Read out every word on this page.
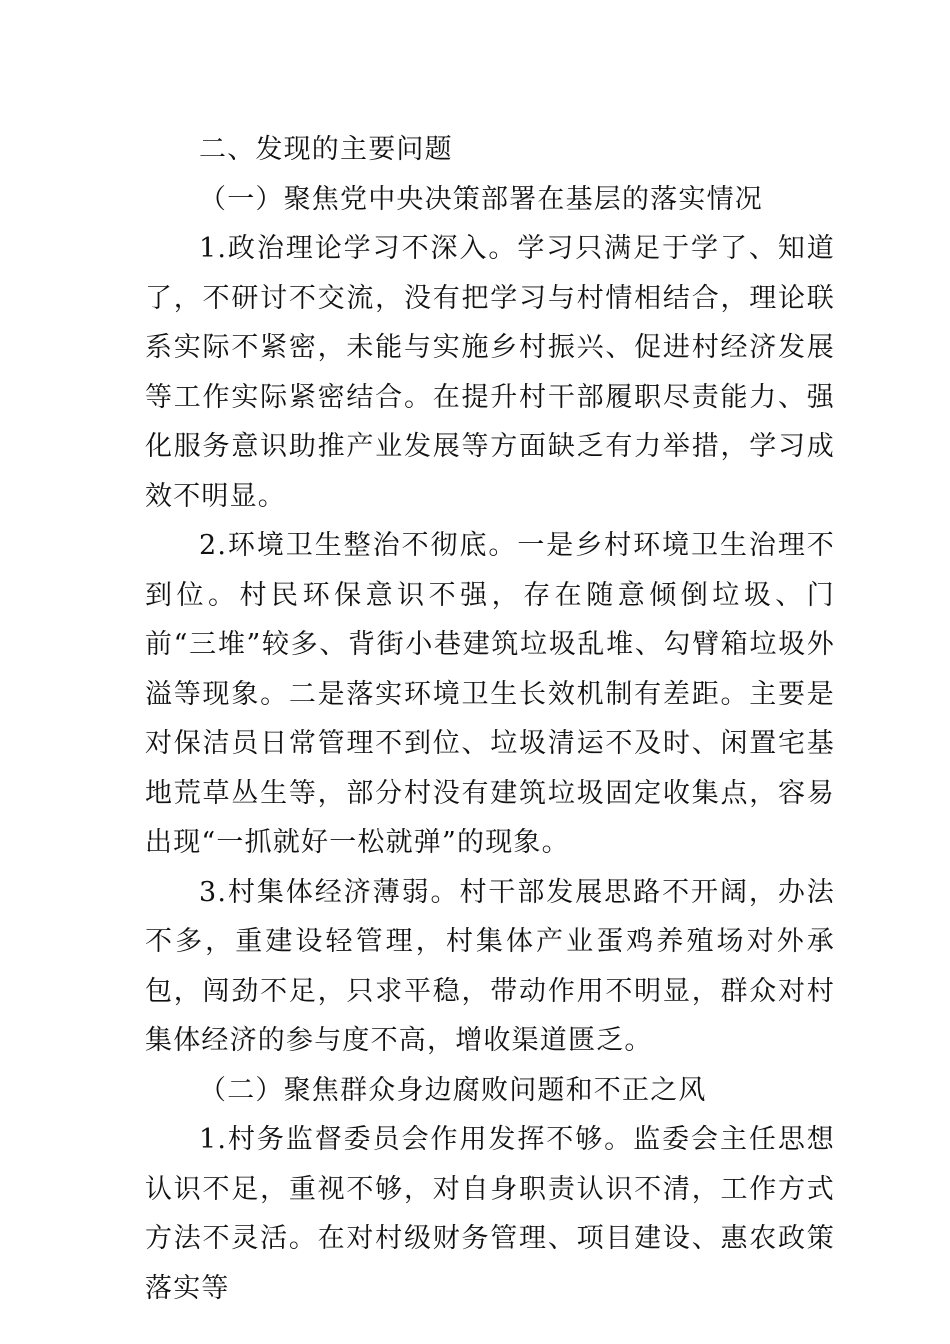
二、发现的主要问题

（一）聚焦党中央决策部署在基层的落实情况

1.政治理论学习不深入。学习只满足于学了、知道了，不研讨不交流，没有把学习与村情相结合，理论联系实际不紧密，未能与实施乡村振兴、促进村经济发展等工作实际紧密结合。在提升村干部履职尽责能力、强化服务意识助推产业发展等方面缺乏有力举措，学习成效不明显。

2.环境卫生整治不彻底。一是乡村环境卫生治理不到位。村民环保意识不强，存在随意倾倒垃圾、门前“三堆”较多、背街小巷建筑垃圾乱堆、勾臂箱垃圾外溢等现象。二是落实环境卫生长效机制有差距。主要是对保洁员日常管理不到位、垃圾清运不及时、闲置宅基地荒草丛生等，部分村没有建筑垃圾固定收集点，容易出现“一抓就好一松就弹”的现象。

3.村集体经济薄弱。村干部发展思路不开阔，办法不多，重建设轻管理，村集体产业蛋鸡养殖场对外承包，闯劲不足，只求平稳，带动作用不明显，群众对村集体经济的参与度不高，增收渠道匮乏。

（二）聚焦群众身边腐败问题和不正之风

1.村务监督委员会作用发挥不够。监委会主任思想认识不足，重视不够，对自身职责认识不清，工作方式方法不灵活。在对村级财务管理、项目建设、惠农政策落实等
